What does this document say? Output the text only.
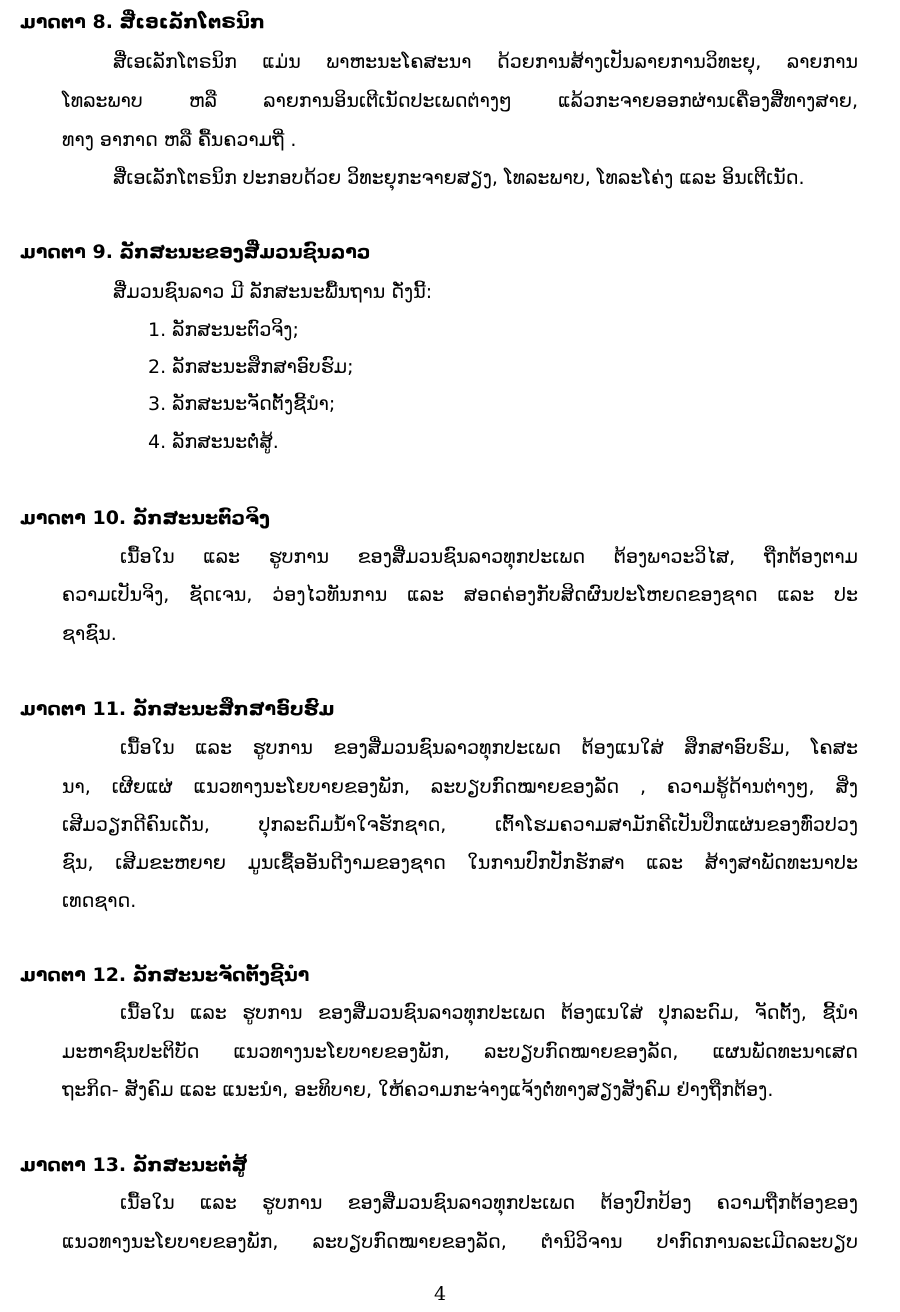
ມາດຕາ 8. ສື່ເອເລັກໂຕຣນິກ
ສື່ເອເລັກໂຕຣນິກ ແມ່ນ ພາຫະນະໂຄສະນາ ດ້ວຍການສ້າງເປັນລາຍການວິທະຍຸ, ລາຍການ
ໂທລະພາບ ຫລື ລາຍການອິນເຕີເນັດປະເພດຕ່າງໆ ແລ້ວກະຈາຍອອກຜ່ານເຄື່ອງສື່ທາງສາຍ,
ທາງ ອາກາດ ຫລື ຄື້ນຄວາມຖີ່ .
ສື່ເອເລັກໂຕຣນິກ ປະກອບດ້ວຍ ວິທະຍຸກະຈາຍສຽງ, ໂທລະພາບ, ໂທລະໂຄ່ງ ແລະ ອິນເຕີເນັດ.
ມາດຕາ 9. ລັກສະນະຂອງສື່ມວນຊົນລາວ
ສື່ມວນຊົນລາວ ມີ ລັກສະນະພື້ນຖານ ດັ່ງນີ້:
1. ລັກສະນະຕົວຈິງ;
2. ລັກສະນະສຶກສາອົບຮົມ;
3. ລັກສະນະຈັດຕັ້ງຊີ້ນຳ;
4. ລັກສະນະຕໍ່ສູ້.
ມາດຕາ 10. ລັກສະນະຕົວຈິງ
ເນື້ອໃນ ແລະ ຮູບການ ຂອງສື່ມວນຊົນລາວທຸກປະເພດ ຕ້ອງພາວະວິໄສ, ຖືກຕ້ອງຕາມ
ຄວາມເປັນຈິງ, ຊັດເຈນ, ວ່ອງໄວທັນການ ແລະ ສອດຄ່ອງກັບສິດຜົນປະໂຫຍດຂອງຊາດ ແລະ ປະ
ຊາຊົນ.
ມາດຕາ 11. ລັກສະນະສຶກສາອົບຮົມ
ເນື້ອໃນ ແລະ ຮູບການ ຂອງສື່ມວນຊົນລາວທຸກປະເພດ ຕ້ອງແນໃສ່ ສຶກສາອົບຮົມ, ໂຄສະ
ນາ, ເຜີຍແຜ່ ແນວທາງນະໂຍບາຍຂອງພັກ, ລະບຽບກົດໝາຍຂອງລັດ , ຄວາມຮູ້ດ້ານຕ່າງໆ, ສິ່ງ
ເສີມວຽກດີຄົນເດັ່ນ, ປຸກລະດົມນ້ຳໃຈຮັກຊາດ, ເຕົ້າໂຮມຄວາມສາມັກຄີເປັນປຶກແຜ່ນຂອງທົ່ວປວງ
ຊົນ, ເສີມຂະຫຍາຍ ມູນເຊື້ອອັນດີງາມຂອງຊາດ ໃນການປົກປັກຮັກສາ ແລະ ສ້າງສາພັດທະນາປະ
ເທດຊາດ.
ມາດຕາ 12. ລັກສະນະຈັດຕັ້ງຊີ້ນຳ
ເນື້ອໃນ ແລະ ຮູບການ ຂອງສື່ມວນຊົນລາວທຸກປະເພດ ຕ້ອງແນໃສ່ ປຸກລະດົມ, ຈັດຕັ້ງ, ຊີ້ນຳ
ມະຫາຊົນປະຕິບັດ ແນວທາງນະໂຍບາຍຂອງພັກ, ລະບຽບກົດໝາຍຂອງລັດ, ແຜນພັດທະນາເສດ
ຖະກິດ- ສັງຄົມ ແລະ ແນະນຳ, ອະທິບາຍ, ໃຫ້ຄວາມກະຈ່າງແຈ້ງຕໍ່ທາງສຽງສັງຄົມ ຢ່າງຖືກຕ້ອງ.
ມາດຕາ 13. ລັກສະນະຕໍ່ສູ້
ເນື້ອໃນ ແລະ ຮູບການ ຂອງສື່ມວນຊົນລາວທຸກປະເພດ ຕ້ອງປົກປ້ອງ ຄວາມຖືກຕ້ອງຂອງ
ແນວທາງນະໂຍບາຍຂອງພັກ, ລະບຽບກົດໝາຍຂອງລັດ, ຕຳນິວິຈານ ປາກົດການລະເມີດລະບຽບ
4
